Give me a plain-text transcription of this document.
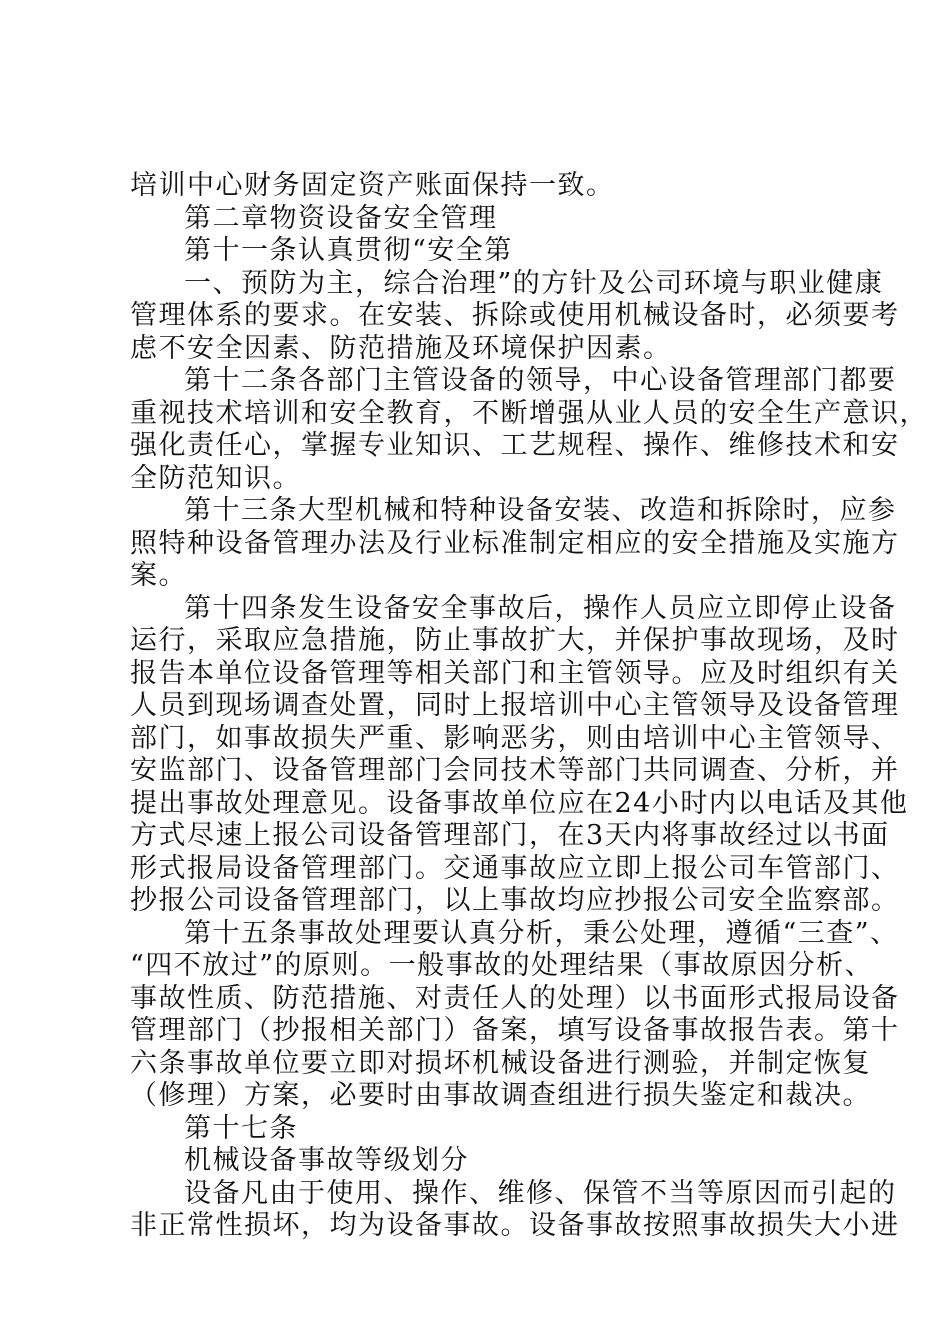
培训中心财务固定资产账面保持一致。
第二章物资设备安全管理
第十一条认真贯彻“安全第
一、预防为主，综合治理”的方针及公司环境与职业健康
管理体系的要求。在安装、拆除或使用机械设备时，必须要考
虑不安全因素、防范措施及环境保护因素。
第十二条各部门主管设备的领导，中心设备管理部门都要
重视技术培训和安全教育，不断增强从业人员的安全生产意识，
强化责任心，掌握专业知识、工艺规程、操作、维修技术和安
全防范知识。
第十三条大型机械和特种设备安装、改造和拆除时，应参
照特种设备管理办法及行业标准制定相应的安全措施及实施方
案。
第十四条发生设备安全事故后，操作人员应立即停止设备
运行，采取应急措施，防止事故扩大，并保护事故现场，及时
报告本单位设备管理等相关部门和主管领导。应及时组织有关
人员到现场调查处置，同时上报培训中心主管领导及设备管理
部门，如事故损失严重、影响恶劣，则由培训中心主管领导、
安监部门、设备管理部门会同技术等部门共同调查、分析，并
提出事故处理意见。设备事故单位应在24小时内以电话及其他
方式尽速上报公司设备管理部门，在3天内将事故经过以书面
形式报局设备管理部门。交通事故应立即上报公司车管部门、
抄报公司设备管理部门，以上事故均应抄报公司安全监察部。
第十五条事故处理要认真分析，秉公处理，遵循“三查”、
“四不放过”的原则。一般事故的处理结果（事故原因分析、
事故性质、防范措施、对责任人的处理）以书面形式报局设备
管理部门（抄报相关部门）备案，填写设备事故报告表。第十
六条事故单位要立即对损坏机械设备进行测验，并制定恢复
（修理）方案，必要时由事故调查组进行损失鉴定和裁决。
第十七条
机械设备事故等级划分
设备凡由于使用、操作、维修、保管不当等原因而引起的
非正常性损坏，均为设备事故。设备事故按照事故损失大小进
